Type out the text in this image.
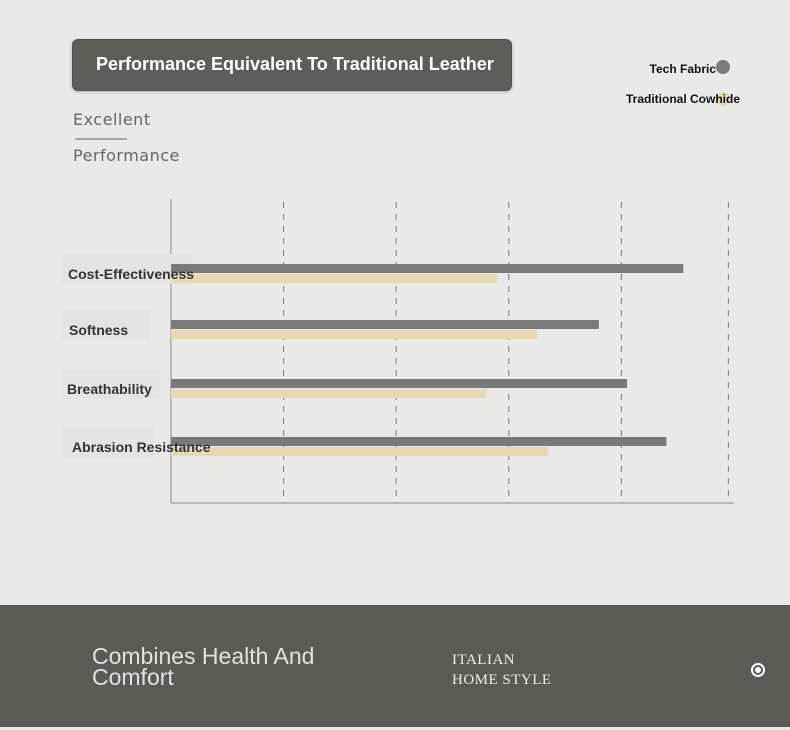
Performance Equivalent To Traditional Leather
Excellent
Performance
Tech Fabric
Traditional Cowhide
Cost-Effectiveness
Softness
Breathability
Abrasion Resistance
Combines Health And
Comfort
ITALIAN
HOME STYLE
